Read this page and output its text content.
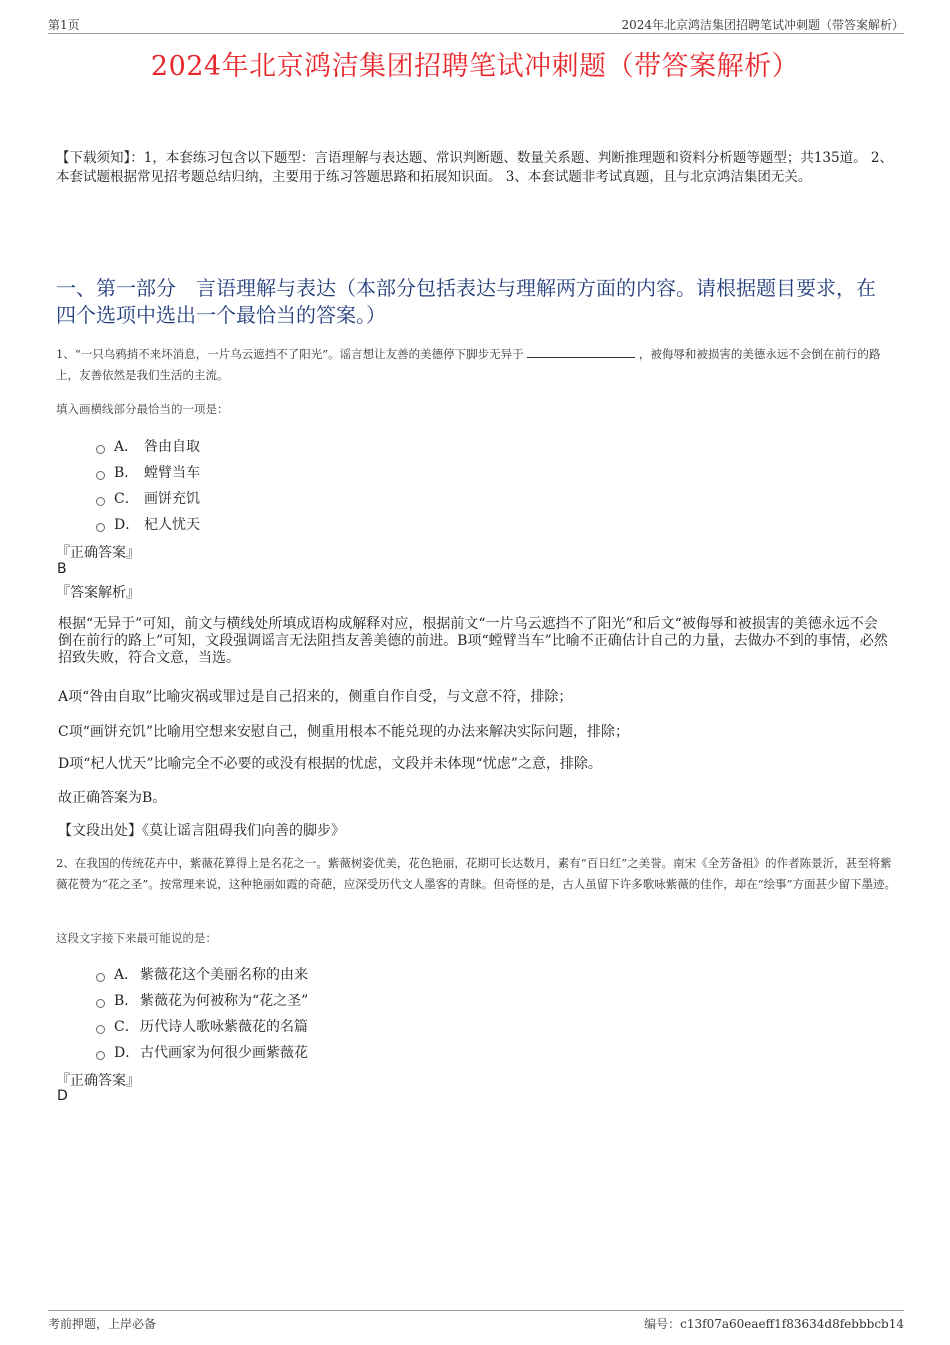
第1页	2024年北京鸿洁集团招聘笔试冲刺题（带答案解析）
2024年北京鸿洁集团招聘笔试冲刺题（带答案解析）
【下载须知】：1，本套练习包含以下题型：言语理解与表达题、常识判断题、数量关系题、判断推理题和资料分析题等题型；共135道。 2、本套试题根据常见招考题总结归纳，主要用于练习答题思路和拓展知识面。 3、本套试题非考试真题，且与北京鸿洁集团无关。
一、第一部分　言语理解与表达（本部分包括表达与理解两方面的内容。请根据题目要求，在四个选项中选出一个最恰当的答案。）
1、“一只乌鸦捎不来坏消息，一片乌云遮挡不了阳光”。谣言想让友善的美德停下脚步无异于	，被侮辱和被损害的美德永远不会倒在前行的路上，友善依然是我们生活的主流。
填入画横线部分最恰当的一项是：
A． 咎由自取
B． 螳臂当车
C． 画饼充饥
D． 杞人忧天
『正确答案』
B
『答案解析』
根据“无异于”可知，前文与横线处所填成语构成解释对应，根据前文“一片乌云遮挡不了阳光”和后文“被侮辱和被损害的美德永远不会倒在前行的路上”可知，文段强调谣言无法阻挡友善美德的前进。B项“螳臂当车”比喻不正确估计自己的力量，去做办不到的事情，必然招致失败，符合文意，当选。
A项“咎由自取”比喻灾祸或罪过是自己招来的，侧重自作自受，与文意不符，排除；
C项“画饼充饥”比喻用空想来安慰自己，侧重用根本不能兑现的办法来解决实际问题，排除；
D项“杞人忧天”比喻完全不必要的或没有根据的忧虑，文段并未体现“忧虑”之意，排除。
故正确答案为B。
【文段出处】《莫让谣言阻碍我们向善的脚步》
2、在我国的传统花卉中，紫薇花算得上是名花之一。紫薇树姿优美，花色艳丽，花期可长达数月，素有“百日红”之美誉。南宋《全芳备祖》的作者陈景沂，甚至将紫薇花赞为“花之圣”。按常理来说，这种艳丽如霞的奇葩，应深受历代文人墨客的青睐。但奇怪的是，古人虽留下许多歌咏紫薇的佳作，却在“绘事”方面甚少留下墨迹。
这段文字接下来最可能说的是：
A． 紫薇花这个美丽名称的由来
B． 紫薇花为何被称为“花之圣”
C． 历代诗人歌咏紫薇花的名篇
D． 古代画家为何很少画紫薇花
『正确答案』
D
考前押题，上岸必备	编号：c13f07a60eaeff1f83634d8febbbcb14
